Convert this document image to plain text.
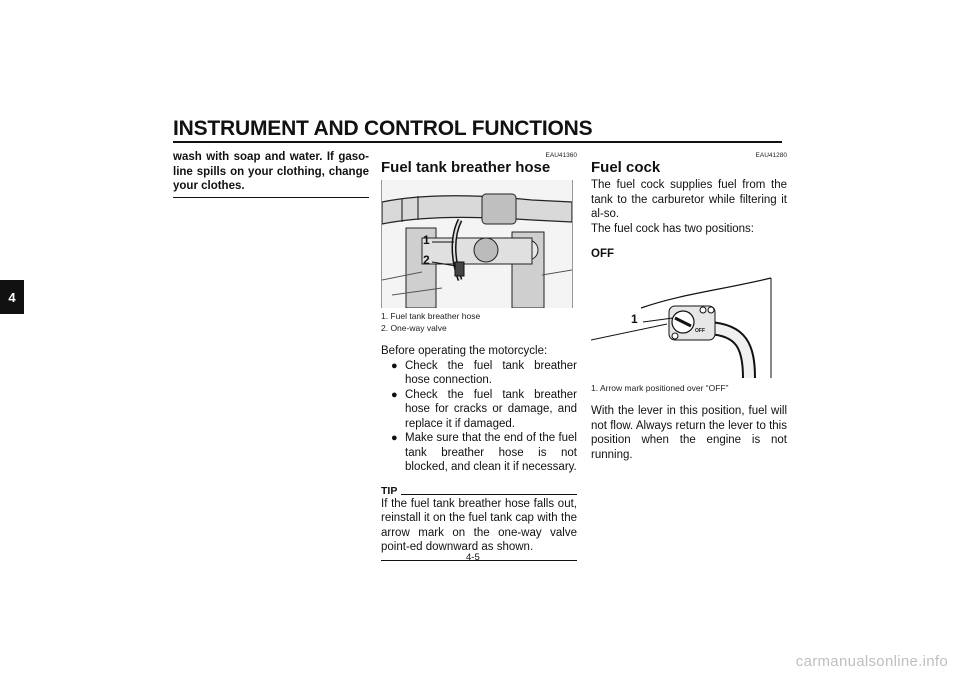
INSTRUMENT AND CONTROL FUNCTIONS
4
wash with soap and water. If gaso-line spills on your clothing, change your clothes.
EAU41360
Fuel tank breather hose
1
2
1. Fuel tank breather hose
2. One-way valve
Before operating the motorcycle:
● Check the fuel tank breather hose connection.
● Check the fuel tank breather hose for cracks or damage, and replace it if damaged.
● Make sure that the end of the fuel tank breather hose is not blocked, and clean it if necessary.
TIP
If the fuel tank breather hose falls out, reinstall it on the fuel tank cap with the arrow mark on the one-way valve point-ed downward as shown.
EAU41280
Fuel cock
The fuel cock supplies fuel from the tank to the carburetor while filtering it al-so.
The fuel cock has two positions:
OFF
1
OFF
1. Arrow mark positioned over “OFF”
With the lever in this position, fuel will not flow. Always return the lever to this position when the engine is not running.
4-5
carmanualsonline.info
